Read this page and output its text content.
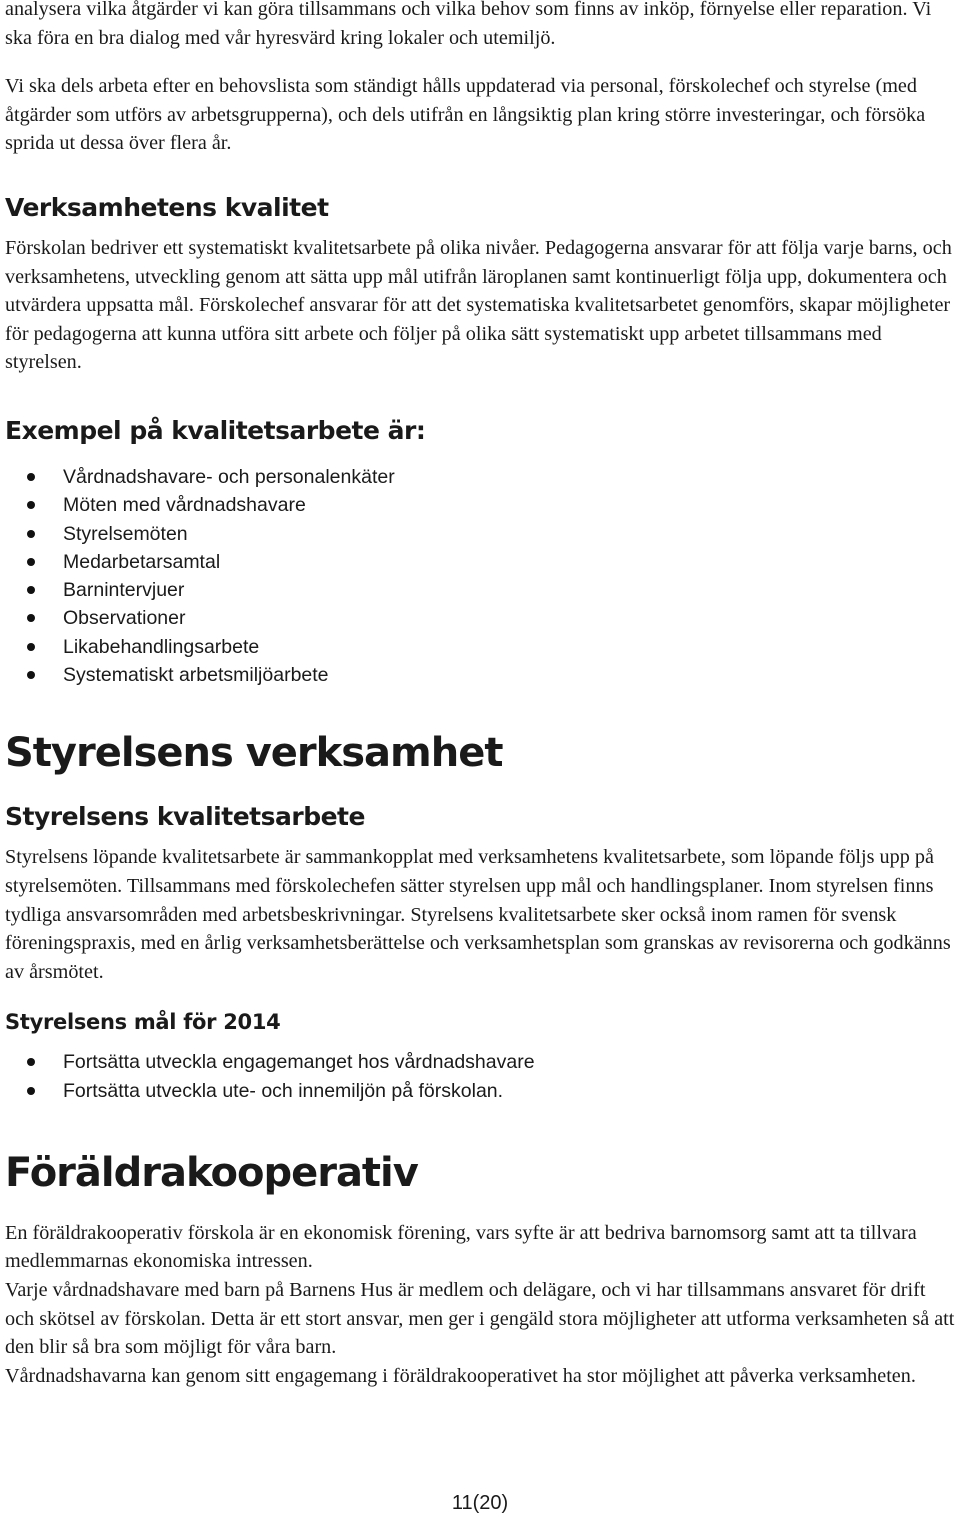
analysera vilka åtgärder vi kan göra tillsammans och vilka behov som finns av inköp, förnyelse eller reparation. Vi ska föra en bra dialog med vår hyresvärd kring lokaler och utemiljö.

Vi ska dels arbeta efter en behovslista som ständigt hålls uppdaterad via personal, förskolechef och styrelse (med åtgärder som utförs av arbetsgrupperna), och dels utifrån en långsiktig plan kring större investeringar, och försöka sprida ut dessa över flera år.

Verksamhetens kvalitet

Förskolan bedriver ett systematiskt kvalitetsarbete på olika nivåer. Pedagogerna ansvarar för att följa varje barns, och verksamhetens, utveckling genom att sätta upp mål utifrån läroplanen samt kontinuerligt följa upp, dokumentera och utvärdera uppsatta mål. Förskolechef ansvarar för att det systematiska kvalitetsarbetet genomförs, skapar möjligheter för pedagogerna att kunna utföra sitt arbete och följer på olika sätt systematiskt upp arbetet tillsammans med styrelsen.

Exempel på kvalitetsarbete är:
Vårdnadshavare- och personalenkäter
Möten med vårdnadshavare
Styrelsemöten
Medarbetarsamtal
Barnintervjuer
Observationer
Likabehandlingsarbete
Systematiskt arbetsmiljöarbete
Styrelsens verksamhet
Styrelsens kvalitetsarbete

Styrelsens löpande kvalitetsarbete är sammankopplat med verksamhetens kvalitetsarbete, som löpande följs upp på styrelsemöten. Tillsammans med förskolechefen sätter styrelsen upp mål och handlingsplaner. Inom styrelsen finns tydliga ansvarsområden med arbetsbeskrivningar. Styrelsens kvalitetsarbete sker också inom ramen för svensk föreningspraxis, med en årlig verksamhetsberättelse och verksamhetsplan som granskas av revisorerna och godkänns av årsmötet.

Styrelsens mål för 2014
Fortsätta utveckla engagemanget hos vårdnadshavare
Fortsätta utveckla ute- och innemiljön på förskolan.
Föräldrakooperativ

En föräldrakooperativ förskola är en ekonomisk förening, vars syfte är att bedriva barnomsorg samt att ta tillvara medlemmarnas ekonomiska intressen.

Varje vårdnadshavare med barn på Barnens Hus är medlem och delägare, och vi har tillsammans ansvaret för drift och skötsel av förskolan. Detta är ett stort ansvar, men ger i gengäld stora möjligheter att utforma verksamheten så att den blir så bra som möjligt för våra barn.

Vårdnadshavarna kan genom sitt engagemang i föräldrakooperativet ha stor möjlighet att påverka verksamheten.

11(20)
